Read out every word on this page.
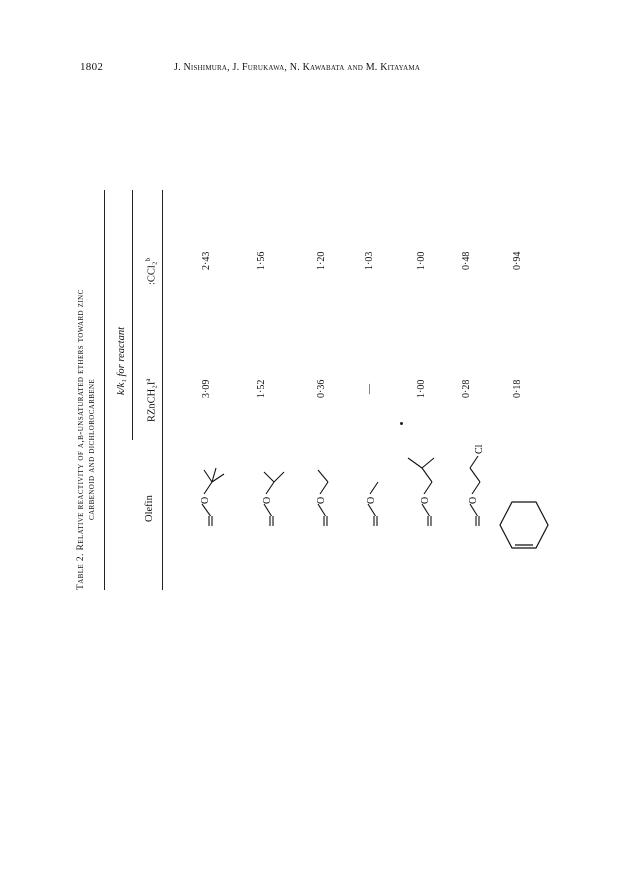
1802	J. Nishimura, J. Furukawa, N. Kawabata and M. Kitayama
Table 2. Relative reactivity of α,β-unsaturated ethers toward zinc carbenoid and dichlorocarbene
k/k₁ for reactant
Olefin
$RZnCH_2I^a$
:CCl₂$^b$
O
3·09
2·43
O
1·52
1·56
O
0·36
1·20
O
—
1·03
O
1·00
1·00
O
Cl
0·28
0·48
0·18
0·94
